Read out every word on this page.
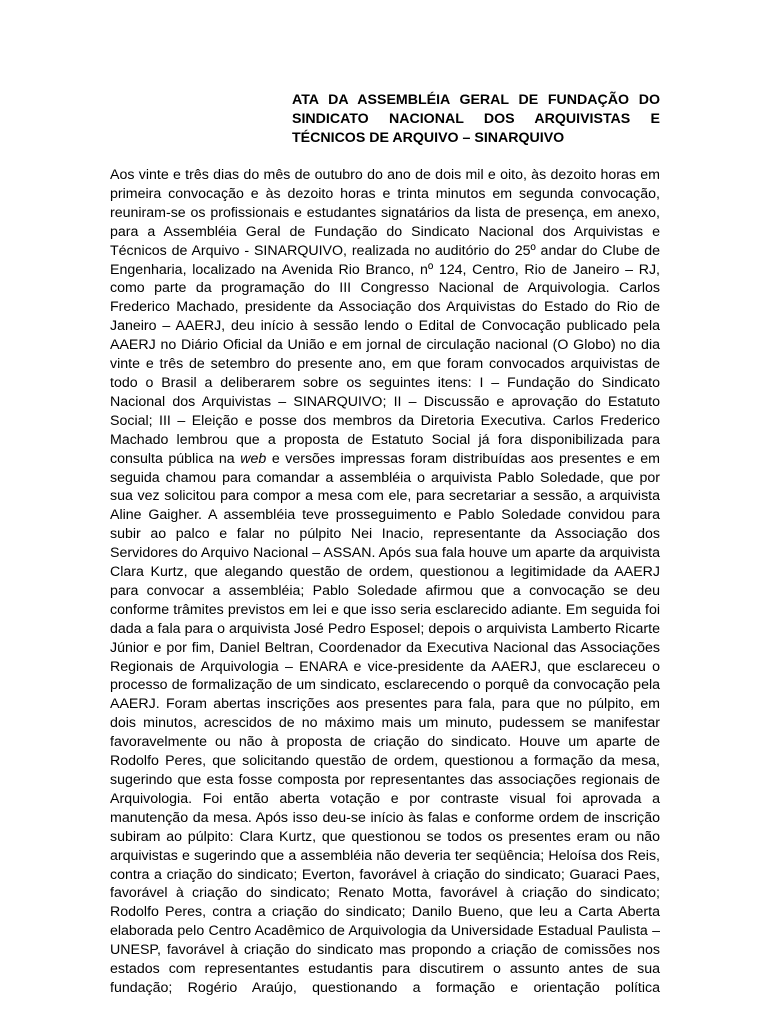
ATA DA ASSEMBLÉIA GERAL DE FUNDAÇÃO DO SINDICATO NACIONAL DOS ARQUIVISTAS E TÉCNICOS DE ARQUIVO – SINARQUIVO

Aos vinte e três dias do mês de outubro do ano de dois mil e oito, às dezoito horas em primeira convocação e às dezoito horas e trinta minutos em segunda convocação, reuniram-se os profissionais e estudantes signatários da lista de presença, em anexo, para a Assembléia Geral de Fundação do Sindicato Nacional dos Arquivistas e Técnicos de Arquivo - SINARQUIVO, realizada no auditório do 25º andar do Clube de Engenharia, localizado na Avenida Rio Branco, nº 124, Centro, Rio de Janeiro – RJ, como parte da programação do III Congresso Nacional de Arquivologia. Carlos Frederico Machado, presidente da Associação dos Arquivistas do Estado do Rio de Janeiro – AAERJ, deu início à sessão lendo o Edital de Convocação publicado pela AAERJ no Diário Oficial da União e em jornal de circulação nacional (O Globo) no dia vinte e três de setembro do presente ano, em que foram convocados arquivistas de todo o Brasil a deliberarem sobre os seguintes itens: I – Fundação do Sindicato Nacional dos Arquivistas – SINARQUIVO; II – Discussão e aprovação do Estatuto Social; III – Eleição e posse dos membros da Diretoria Executiva. Carlos Frederico Machado lembrou que a proposta de Estatuto Social já fora disponibilizada para consulta pública na web e versões impressas foram distribuídas aos presentes e em seguida chamou para comandar a assembléia o arquivista Pablo Soledade, que por sua vez solicitou para compor a mesa com ele, para secretariar a sessão, a arquivista Aline Gaigher. A assembléia teve prosseguimento e Pablo Soledade convidou para subir ao palco e falar no púlpito Nei Inacio, representante da Associação dos Servidores do Arquivo Nacional – ASSAN. Após sua fala houve um aparte da arquivista Clara Kurtz, que alegando questão de ordem, questionou a legitimidade da AAERJ para convocar a assembléia; Pablo Soledade afirmou que a convocação se deu conforme trâmites previstos em lei e que isso seria esclarecido adiante. Em seguida foi dada a fala para o arquivista José Pedro Esposel; depois o arquivista Lamberto Ricarte Júnior e por fim, Daniel Beltran, Coordenador da Executiva Nacional das Associações Regionais de Arquivologia – ENARA e vice-presidente da AAERJ, que esclareceu o processo de formalização de um sindicato, esclarecendo o porquê da convocação pela AAERJ. Foram abertas inscrições aos presentes para fala, para que no púlpito, em dois minutos, acrescidos de no máximo mais um minuto, pudessem se manifestar favoravelmente ou não à proposta de criação do sindicato. Houve um aparte de Rodolfo Peres, que solicitando questão de ordem, questionou a formação da mesa, sugerindo que esta fosse composta por representantes das associações regionais de Arquivologia. Foi então aberta votação e por contraste visual foi aprovada a manutenção da mesa. Após isso deu-se início às falas e conforme ordem de inscrição subiram ao púlpito: Clara Kurtz, que questionou se todos os presentes eram ou não arquivistas e sugerindo que a assembléia não deveria ter seqüência; Heloísa dos Reis, contra a criação do sindicato; Everton, favorável à criação do sindicato; Guaraci Paes, favorável à criação do sindicato; Renato Motta, favorável à criação do sindicato; Rodolfo Peres, contra a criação do sindicato; Danilo Bueno, que leu a Carta Aberta elaborada pelo Centro Acadêmico de Arquivologia da Universidade Estadual Paulista – UNESP, favorável à criação do sindicato mas propondo a criação de comissões nos estados com representantes estudantis para discutirem o assunto antes de sua fundação; Rogério Araújo, questionando a formação e orientação política
